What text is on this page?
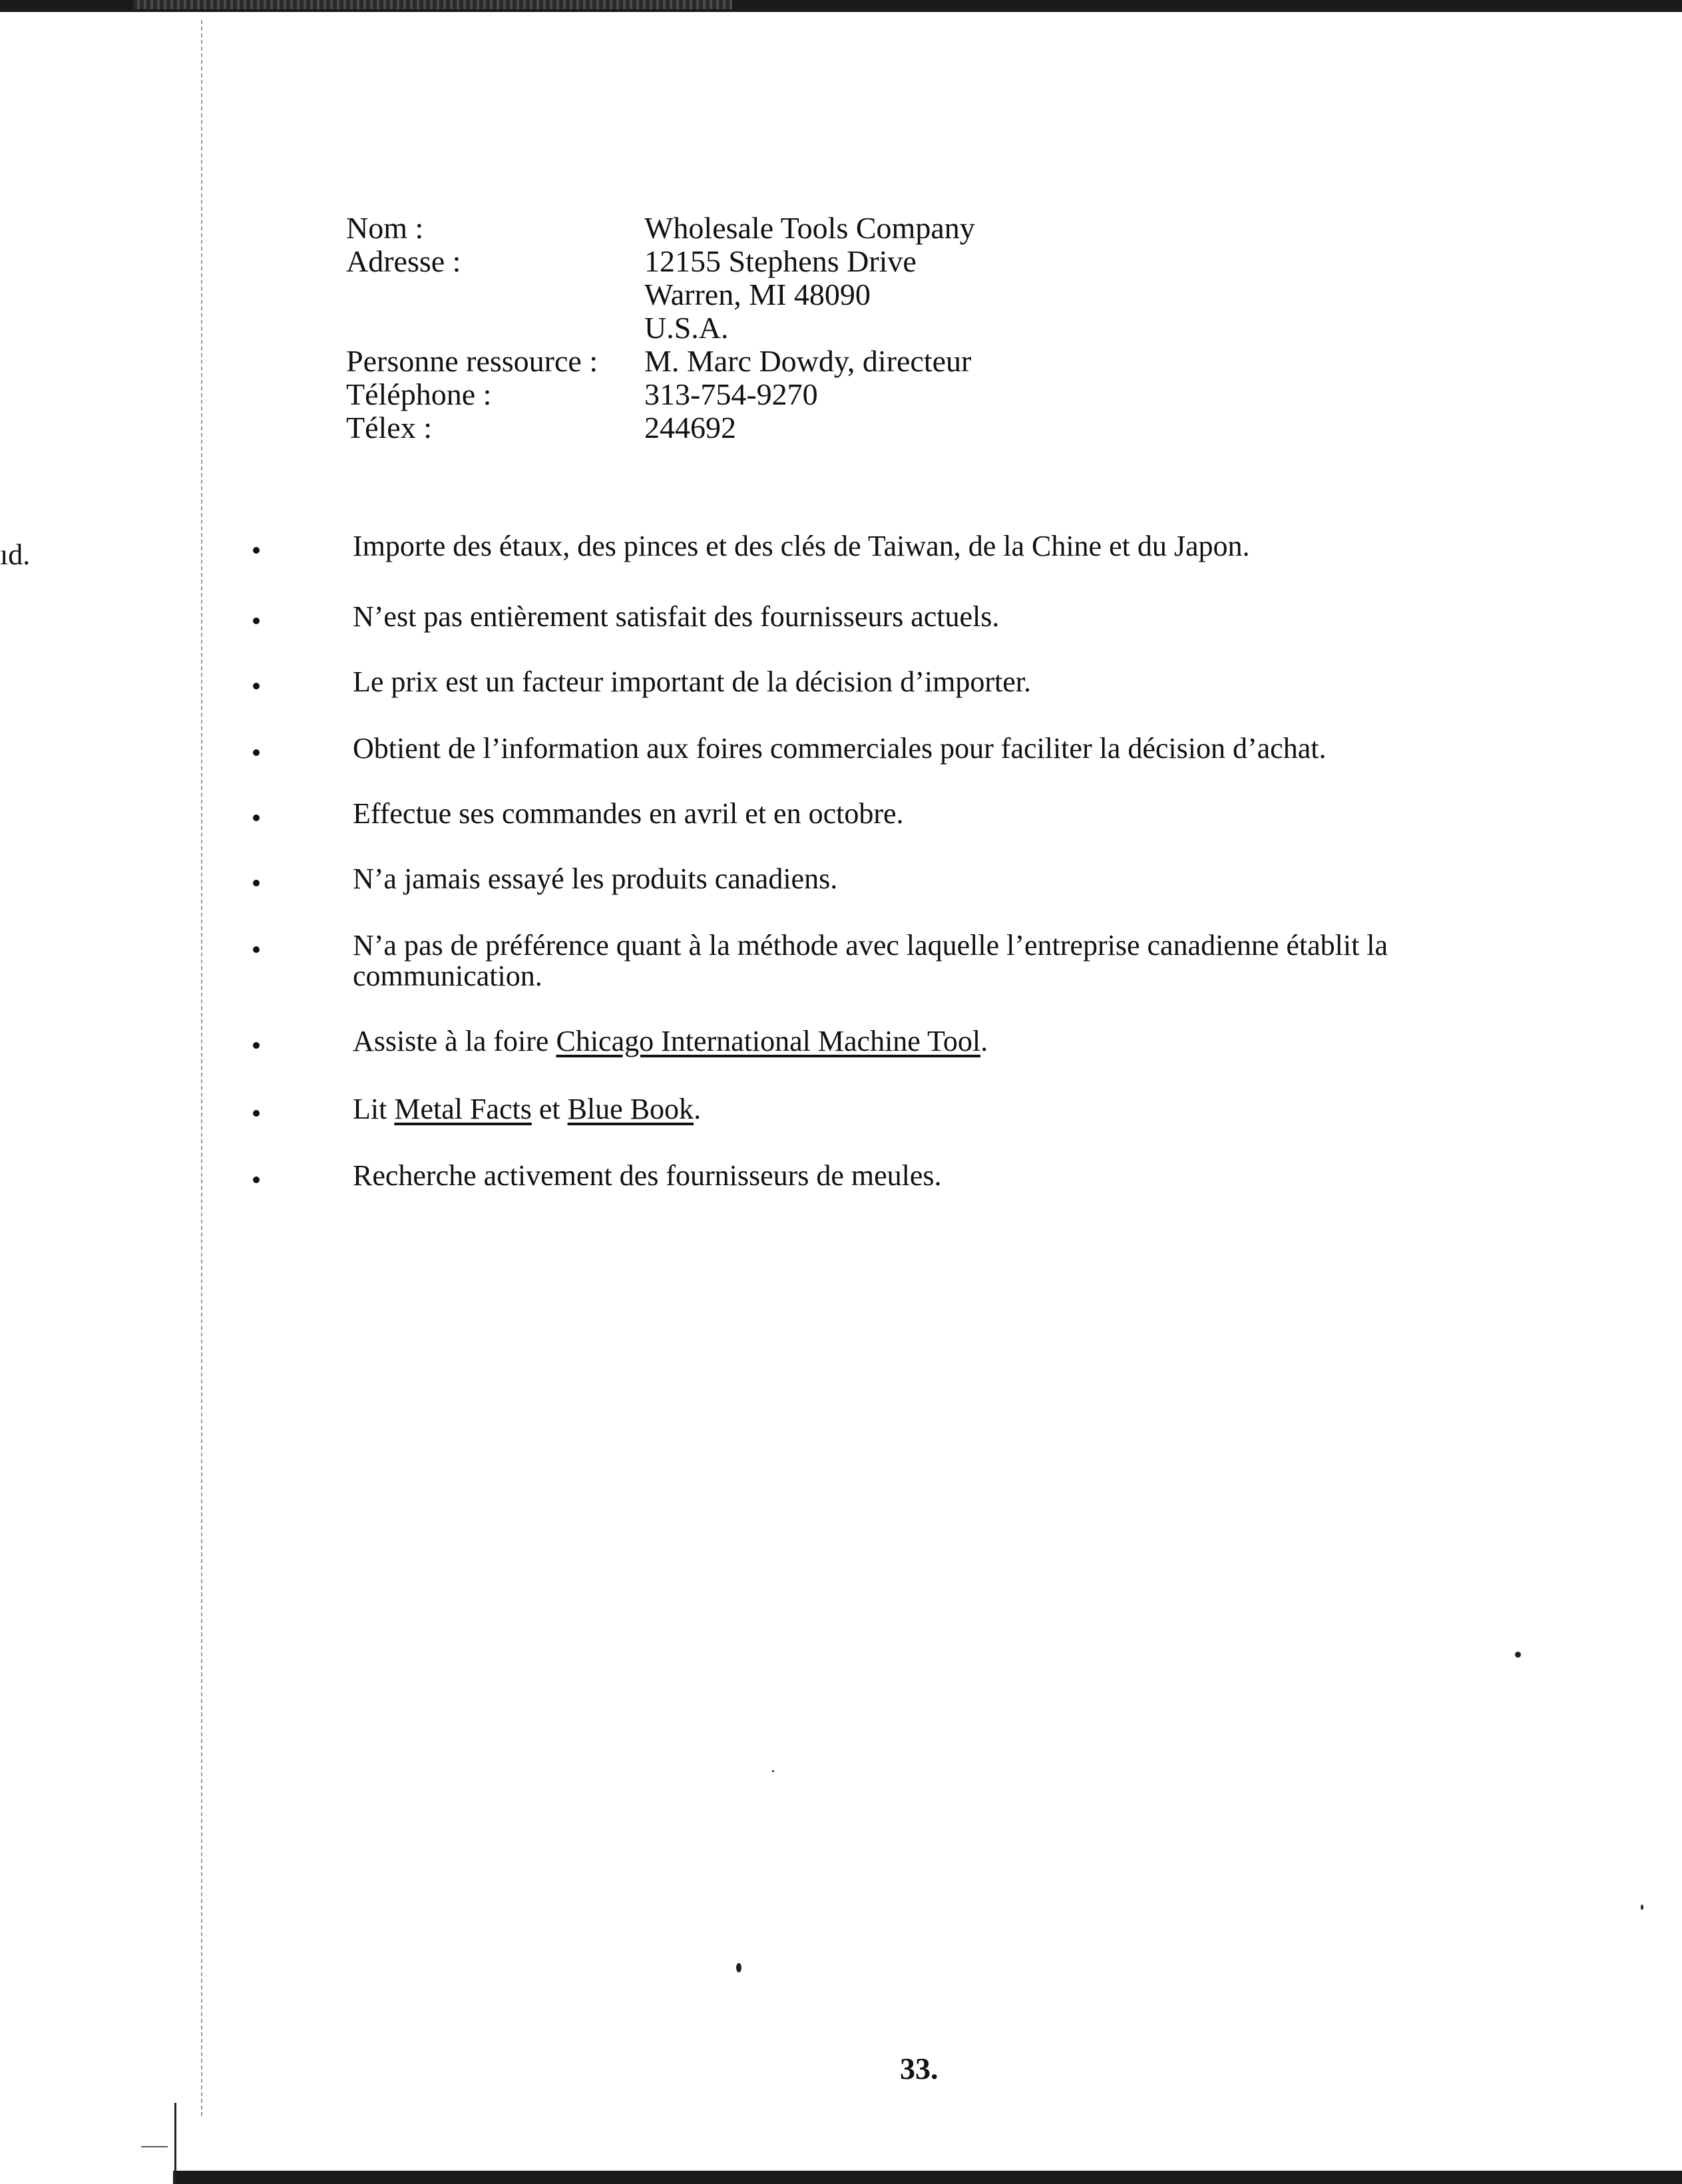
ıd.
Nom :	Wholesale Tools Company
Adresse :	12155 Stephens Drive
Warren, MI 48090
U.S.A.
Personne ressource :	M. Marc Dowdy, directeur
Téléphone :	313-754-9270
Télex :	244692
Importe des étaux, des pinces et des clés de Taiwan, de la Chine et du Japon.
N’est pas entièrement satisfait des fournisseurs actuels.
Le prix est un facteur important de la décision d’importer.
Obtient de l’information aux foires commerciales pour faciliter la décision d’achat.
Effectue ses commandes en avril et en octobre.
N’a jamais essayé les produits canadiens.
N’a pas de préférence quant à la méthode avec laquelle l’entreprise canadienne établit la
communication.
Assiste à la foire Chicago International Machine Tool.
Lit Metal Facts et Blue Book.
Recherche activement des fournisseurs de meules.
33.
